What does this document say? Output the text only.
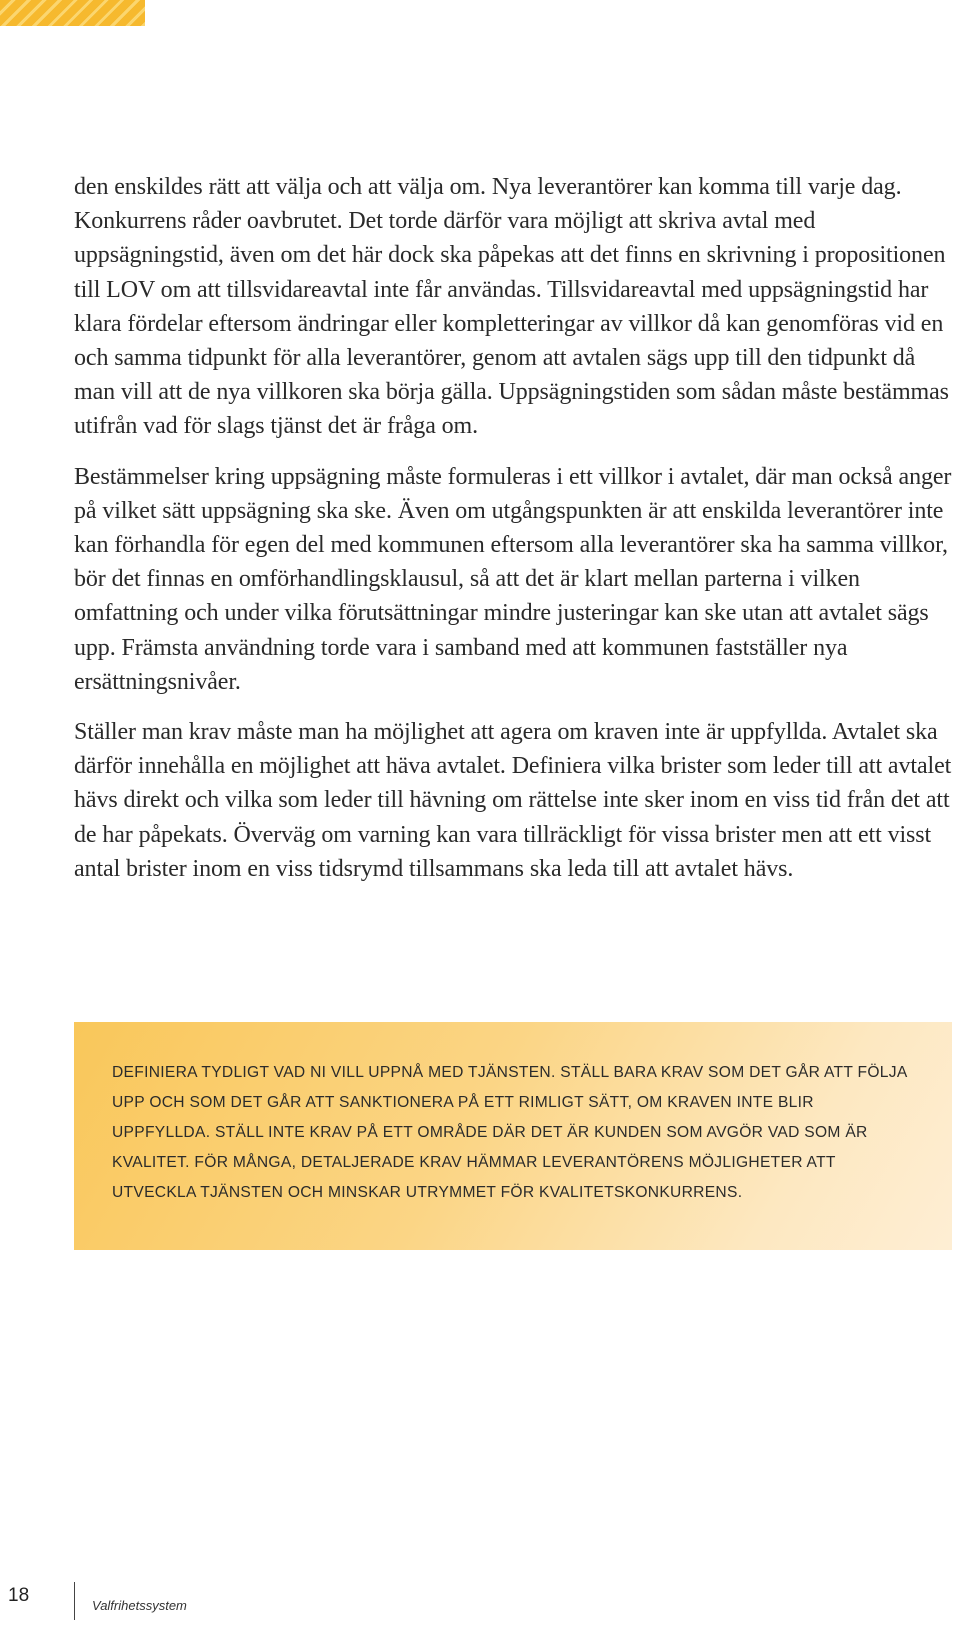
den enskildes rätt att välja och att välja om. Nya leverantörer kan komma till varje dag. Konkurrens råder oavbrutet. Det torde därför vara möjligt att skriva avtal med uppsägningstid, även om det här dock ska påpekas att det finns en skrivning i propositionen till LOV om att tillsvidareavtal inte får användas. Tillsvidareavtal med uppsägningstid har klara fördelar eftersom ändringar eller kompletteringar av villkor då kan genomföras vid en och samma tidpunkt för alla leverantörer, genom att avtalen sägs upp till den tidpunkt då man vill att de nya villkoren ska börja gälla. Uppsägningstiden som sådan måste bestämmas utifrån vad för slags tjänst det är fråga om.

Bestämmelser kring uppsägning måste formuleras i ett villkor i avtalet, där man också anger på vilket sätt uppsägning ska ske. Även om utgångspunkten är att enskilda leverantörer inte kan förhandla för egen del med kommunen eftersom alla leverantörer ska ha samma villkor, bör det finnas en omförhandlingsklausul, så att det är klart mellan parterna i vilken omfattning och under vilka förutsättningar mindre justeringar kan ske utan att avtalet sägs upp. Främsta användning torde vara i samband med att kommunen fastställer nya ersättningsnivåer.

Ställer man krav måste man ha möjlighet att agera om kraven inte är uppfyllda. Avtalet ska därför innehålla en möjlighet att häva avtalet. Definiera vilka brister som leder till att avtalet hävs direkt och vilka som leder till hävning om rättelse inte sker inom en viss tid från det att de har påpekats. Överväg om varning kan vara tillräckligt för vissa brister men att ett visst antal brister inom en viss tidsrymd tillsammans ska leda till att avtalet hävs.

DEFINIERA TYDLIGT VAD NI VILL UPPNÅ MED TJÄNSTEN. STÄLL BARA KRAV SOM DET GÅR ATT FÖLJA UPP OCH SOM DET GÅR ATT SANKTIONERA PÅ ETT RIMLIGT SÄTT, OM KRAVEN INTE BLIR UPPFYLLDA. STÄLL INTE KRAV PÅ ETT OMRÅDE DÄR DET ÄR KUNDEN SOM AVGÖR VAD SOM ÄR KVALITET. FÖR MÅNGA, DETALJERADE KRAV HÄMMAR LEVERANTÖRENS MÖJLIGHETER ATT UTVECKLA TJÄNSTEN OCH MINSKAR UTRYMMET FÖR KVALITETSKONKURRENS.
18	Valfrihetssystem
